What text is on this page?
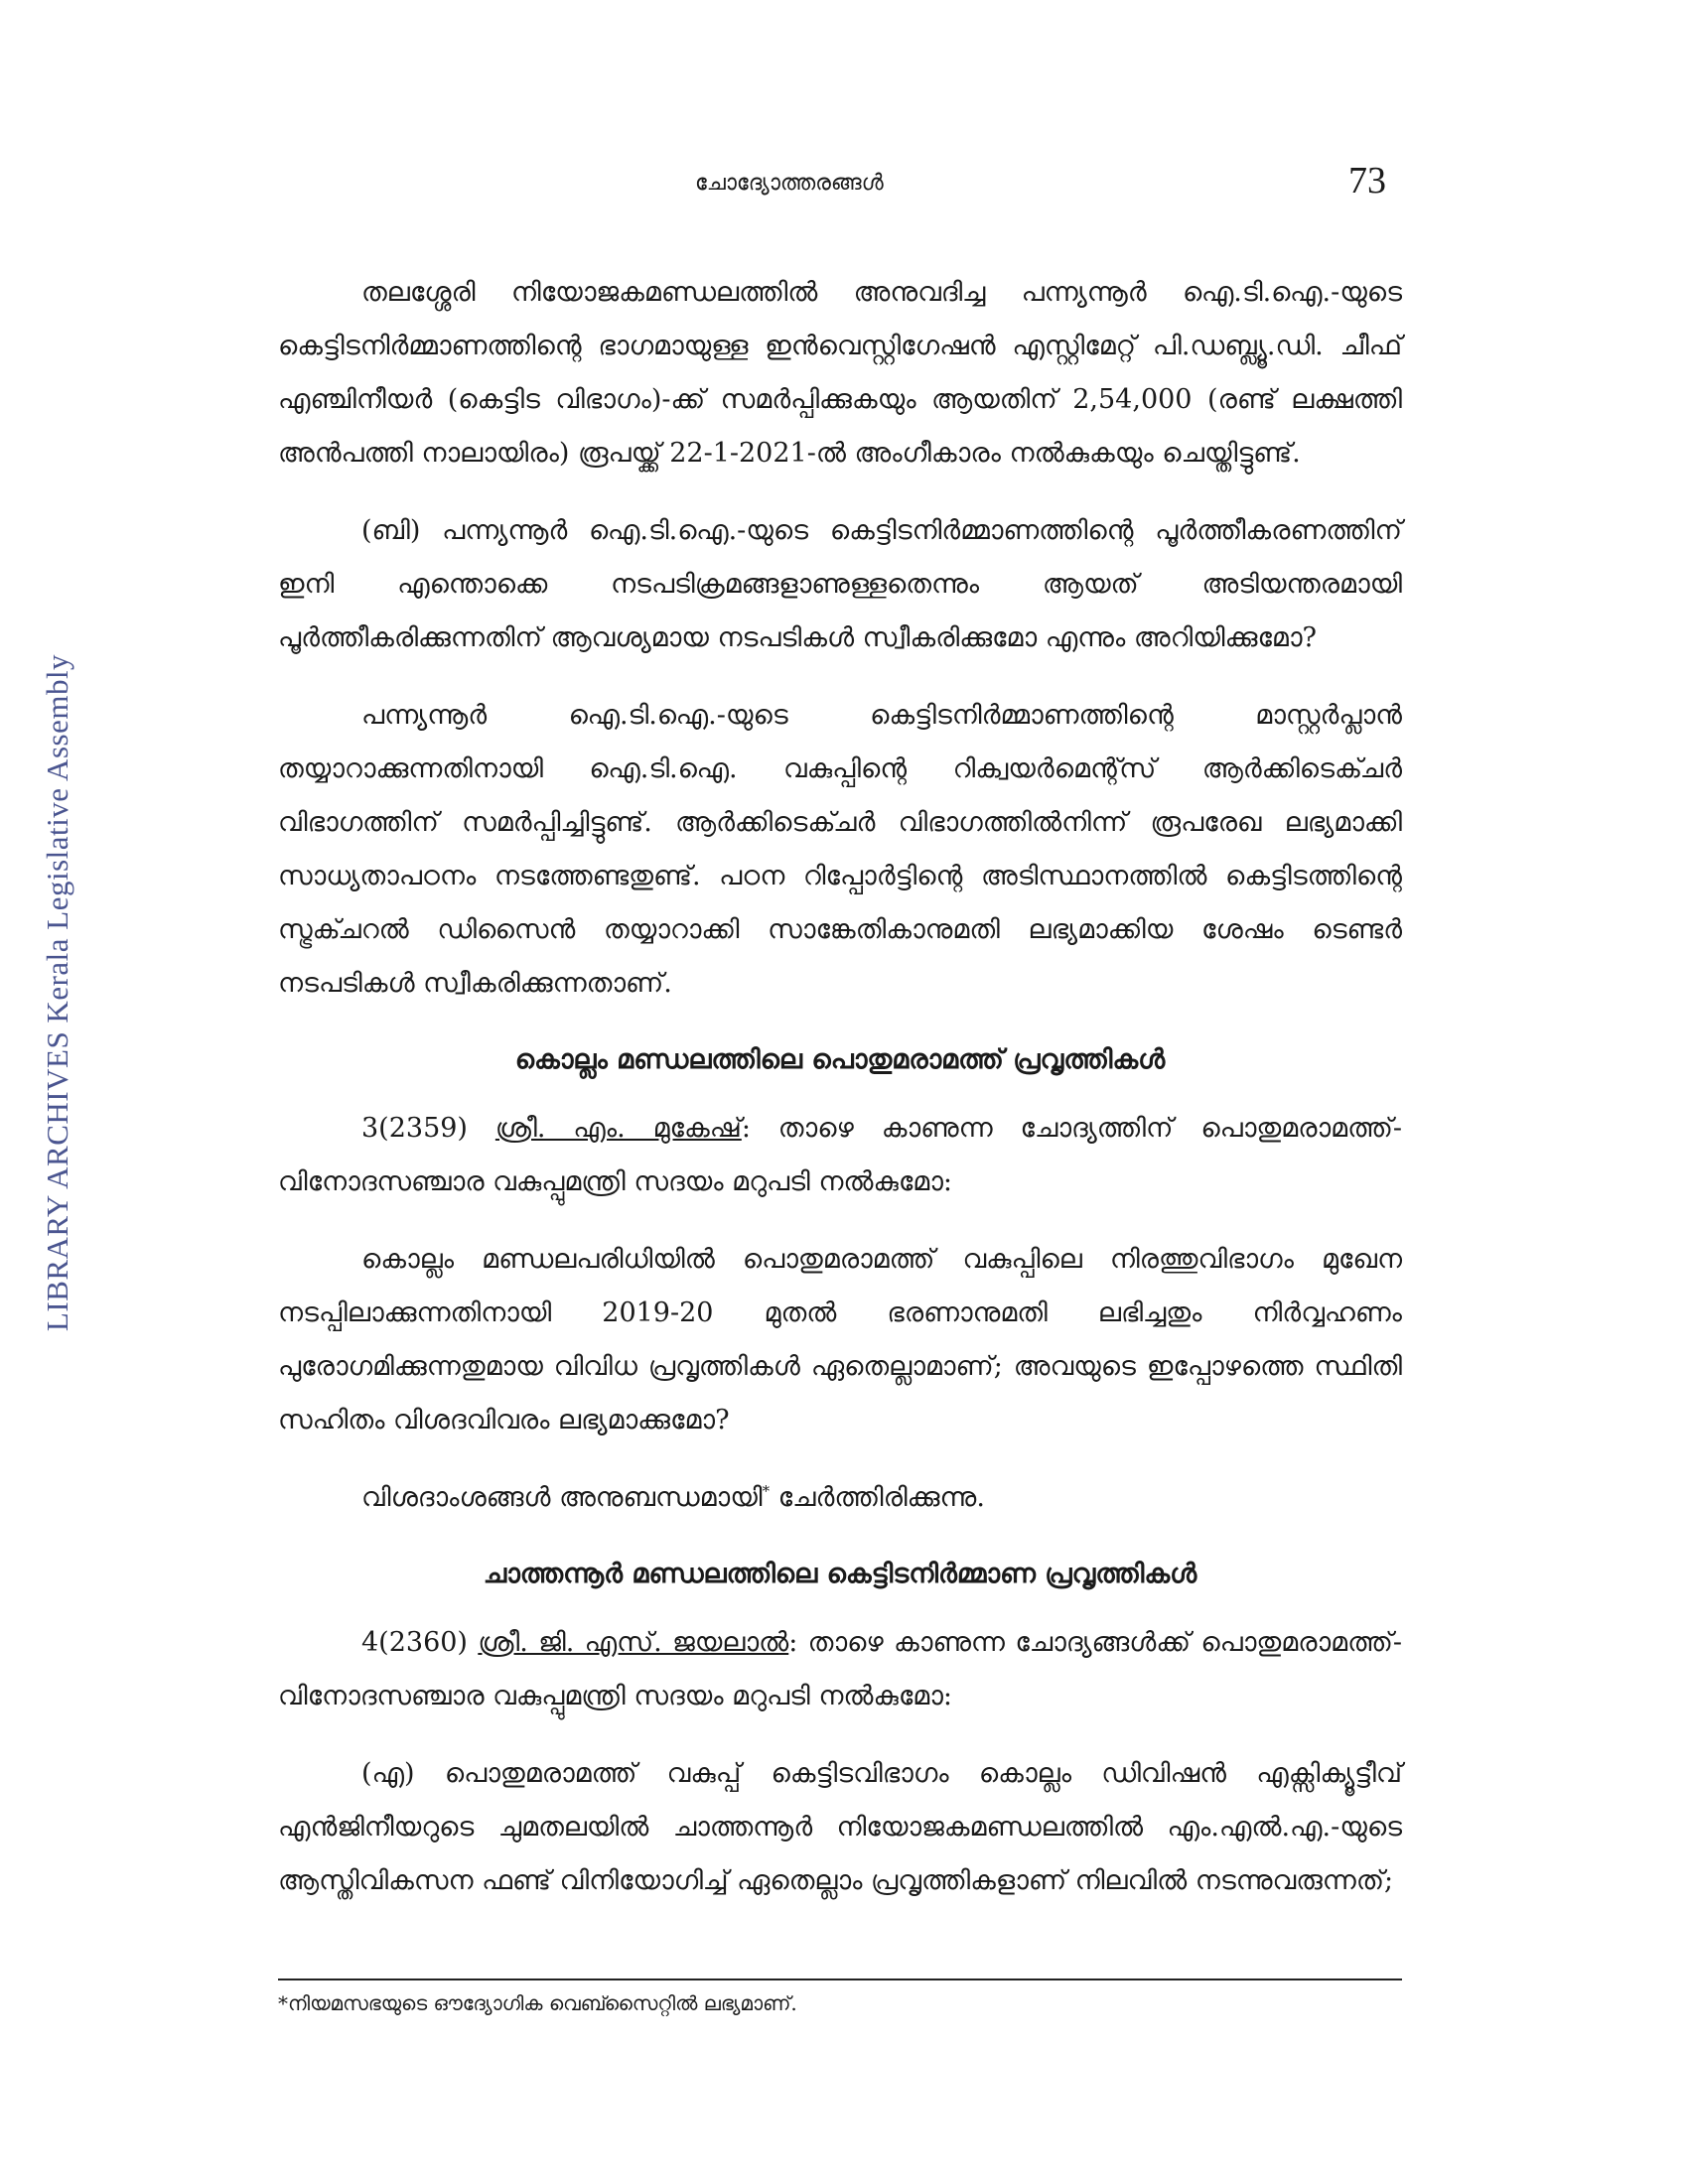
LIBRARY ARCHIVES Kerala Legislative Assembly
ചോദ്യോത്തരങ്ങൾ	73

തലശ്ശേരി നിയോജകമണ്ഡലത്തിൽ അനുവദിച്ച പന്ന്യന്നൂർ ഐ.ടി.ഐ.-യുടെ കെട്ടിടനിർമ്മാണത്തിന്റെ ഭാഗമായുള്ള ഇൻവെസ്റ്റിഗേഷൻ എസ്റ്റിമേറ്റ് പി.ഡബ്ല്യൂ.ഡി. ചീഫ് എഞ്ചിനീയർ (കെട്ടിട വിഭാഗം)-ക്ക് സമർപ്പിക്കുകയും ആയതിന് 2,54,000 (രണ്ട് ലക്ഷത്തി അൻപത്തി നാലായിരം) രൂപയ്ക്ക് 22-1-2021-ൽ അംഗീകാരം നൽകുകയും ചെയ്തിട്ടുണ്ട്.

(ബി) പന്ന്യന്നൂർ ഐ.ടി.ഐ.-യുടെ കെട്ടിടനിർമ്മാണത്തിന്റെ പൂർത്തീകരണത്തിന് ഇനി എന്തൊക്കെ നടപടിക്രമങ്ങളാണുള്ളതെന്നും ആയത് അടിയന്തരമായി പൂർത്തീകരിക്കുന്നതിന് ആവശ്യമായ നടപടികൾ സ്വീകരിക്കുമോ എന്നും അറിയിക്കുമോ?

പന്ന്യന്നൂർ ഐ.ടി.ഐ.-യുടെ കെട്ടിടനിർമ്മാണത്തിന്റെ മാസ്റ്റർപ്ലാൻ തയ്യാറാക്കുന്നതിനായി ഐ.ടി.ഐ. വകുപ്പിന്റെ റിക്വയർമെന്റ്സ് ആർക്കിടെക്ചർ വിഭാഗത്തിന് സമർപ്പിച്ചിട്ടുണ്ട്. ആർക്കിടെക്ചർ വിഭാഗത്തിൽനിന്ന് രൂപരേഖ ലഭ്യമാക്കി സാധ്യതാപഠനം നടത്തേണ്ടതുണ്ട്. പഠന റിപ്പോർട്ടിന്റെ അടിസ്ഥാനത്തിൽ കെട്ടിടത്തിന്റെ സ്ട്രക്ചറൽ ഡിസൈൻ തയ്യാറാക്കി സാങ്കേതികാനുമതി ലഭ്യമാക്കിയ ശേഷം ടെണ്ടർ നടപടികൾ സ്വീകരിക്കുന്നതാണ്.

കൊല്ലം മണ്ഡലത്തിലെ പൊതുമരാമത്ത് പ്രവൃത്തികൾ

3(2359) ശ്രീ. എം. മുകേഷ്: താഴെ കാണുന്ന ചോദ്യത്തിന് പൊതുമരാമത്ത്-വിനോദസഞ്ചാര വകുപ്പുമന്ത്രി സദയം മറുപടി നൽകുമോ:

കൊല്ലം മണ്ഡലപരിധിയിൽ പൊതുമരാമത്ത് വകുപ്പിലെ നിരത്തുവിഭാഗം മുഖേന നടപ്പിലാക്കുന്നതിനായി 2019-20 മുതൽ ഭരണാനുമതി ലഭിച്ചതും നിർവ്വഹണം പുരോഗമിക്കുന്നതുമായ വിവിധ പ്രവൃത്തികൾ ഏതെല്ലാമാണ്; അവയുടെ ഇപ്പോഴത്തെ സ്ഥിതി സഹിതം വിശദവിവരം ലഭ്യമാക്കുമോ?

വിശദാംശങ്ങൾ അനുബന്ധമായി* ചേർത്തിരിക്കുന്നു.

ചാത്തന്നൂർ മണ്ഡലത്തിലെ കെട്ടിടനിർമ്മാണ പ്രവൃത്തികൾ

4(2360) ശ്രീ. ജി. എസ്. ജയലാൽ: താഴെ കാണുന്ന ചോദ്യങ്ങൾക്ക് പൊതുമരാമത്ത്- വിനോദസഞ്ചാര വകുപ്പുമന്ത്രി സദയം മറുപടി നൽകുമോ:

(എ) പൊതുമരാമത്ത് വകുപ്പ് കെട്ടിടവിഭാഗം കൊല്ലം ഡിവിഷൻ എക്സിക്യൂട്ടീവ് എൻജിനീയറുടെ ചുമതലയിൽ ചാത്തന്നൂർ നിയോജകമണ്ഡലത്തിൽ എം.എൽ.എ.-യുടെ ആസ്തിവികസന ഫണ്ട് വിനിയോഗിച്ച് ഏതെല്ലാം പ്രവൃത്തികളാണ് നിലവിൽ നടന്നുവരുന്നത്;

*നിയമസഭയുടെ ഔദ്യോഗിക വെബ്സൈറ്റിൽ ലഭ്യമാണ്.
